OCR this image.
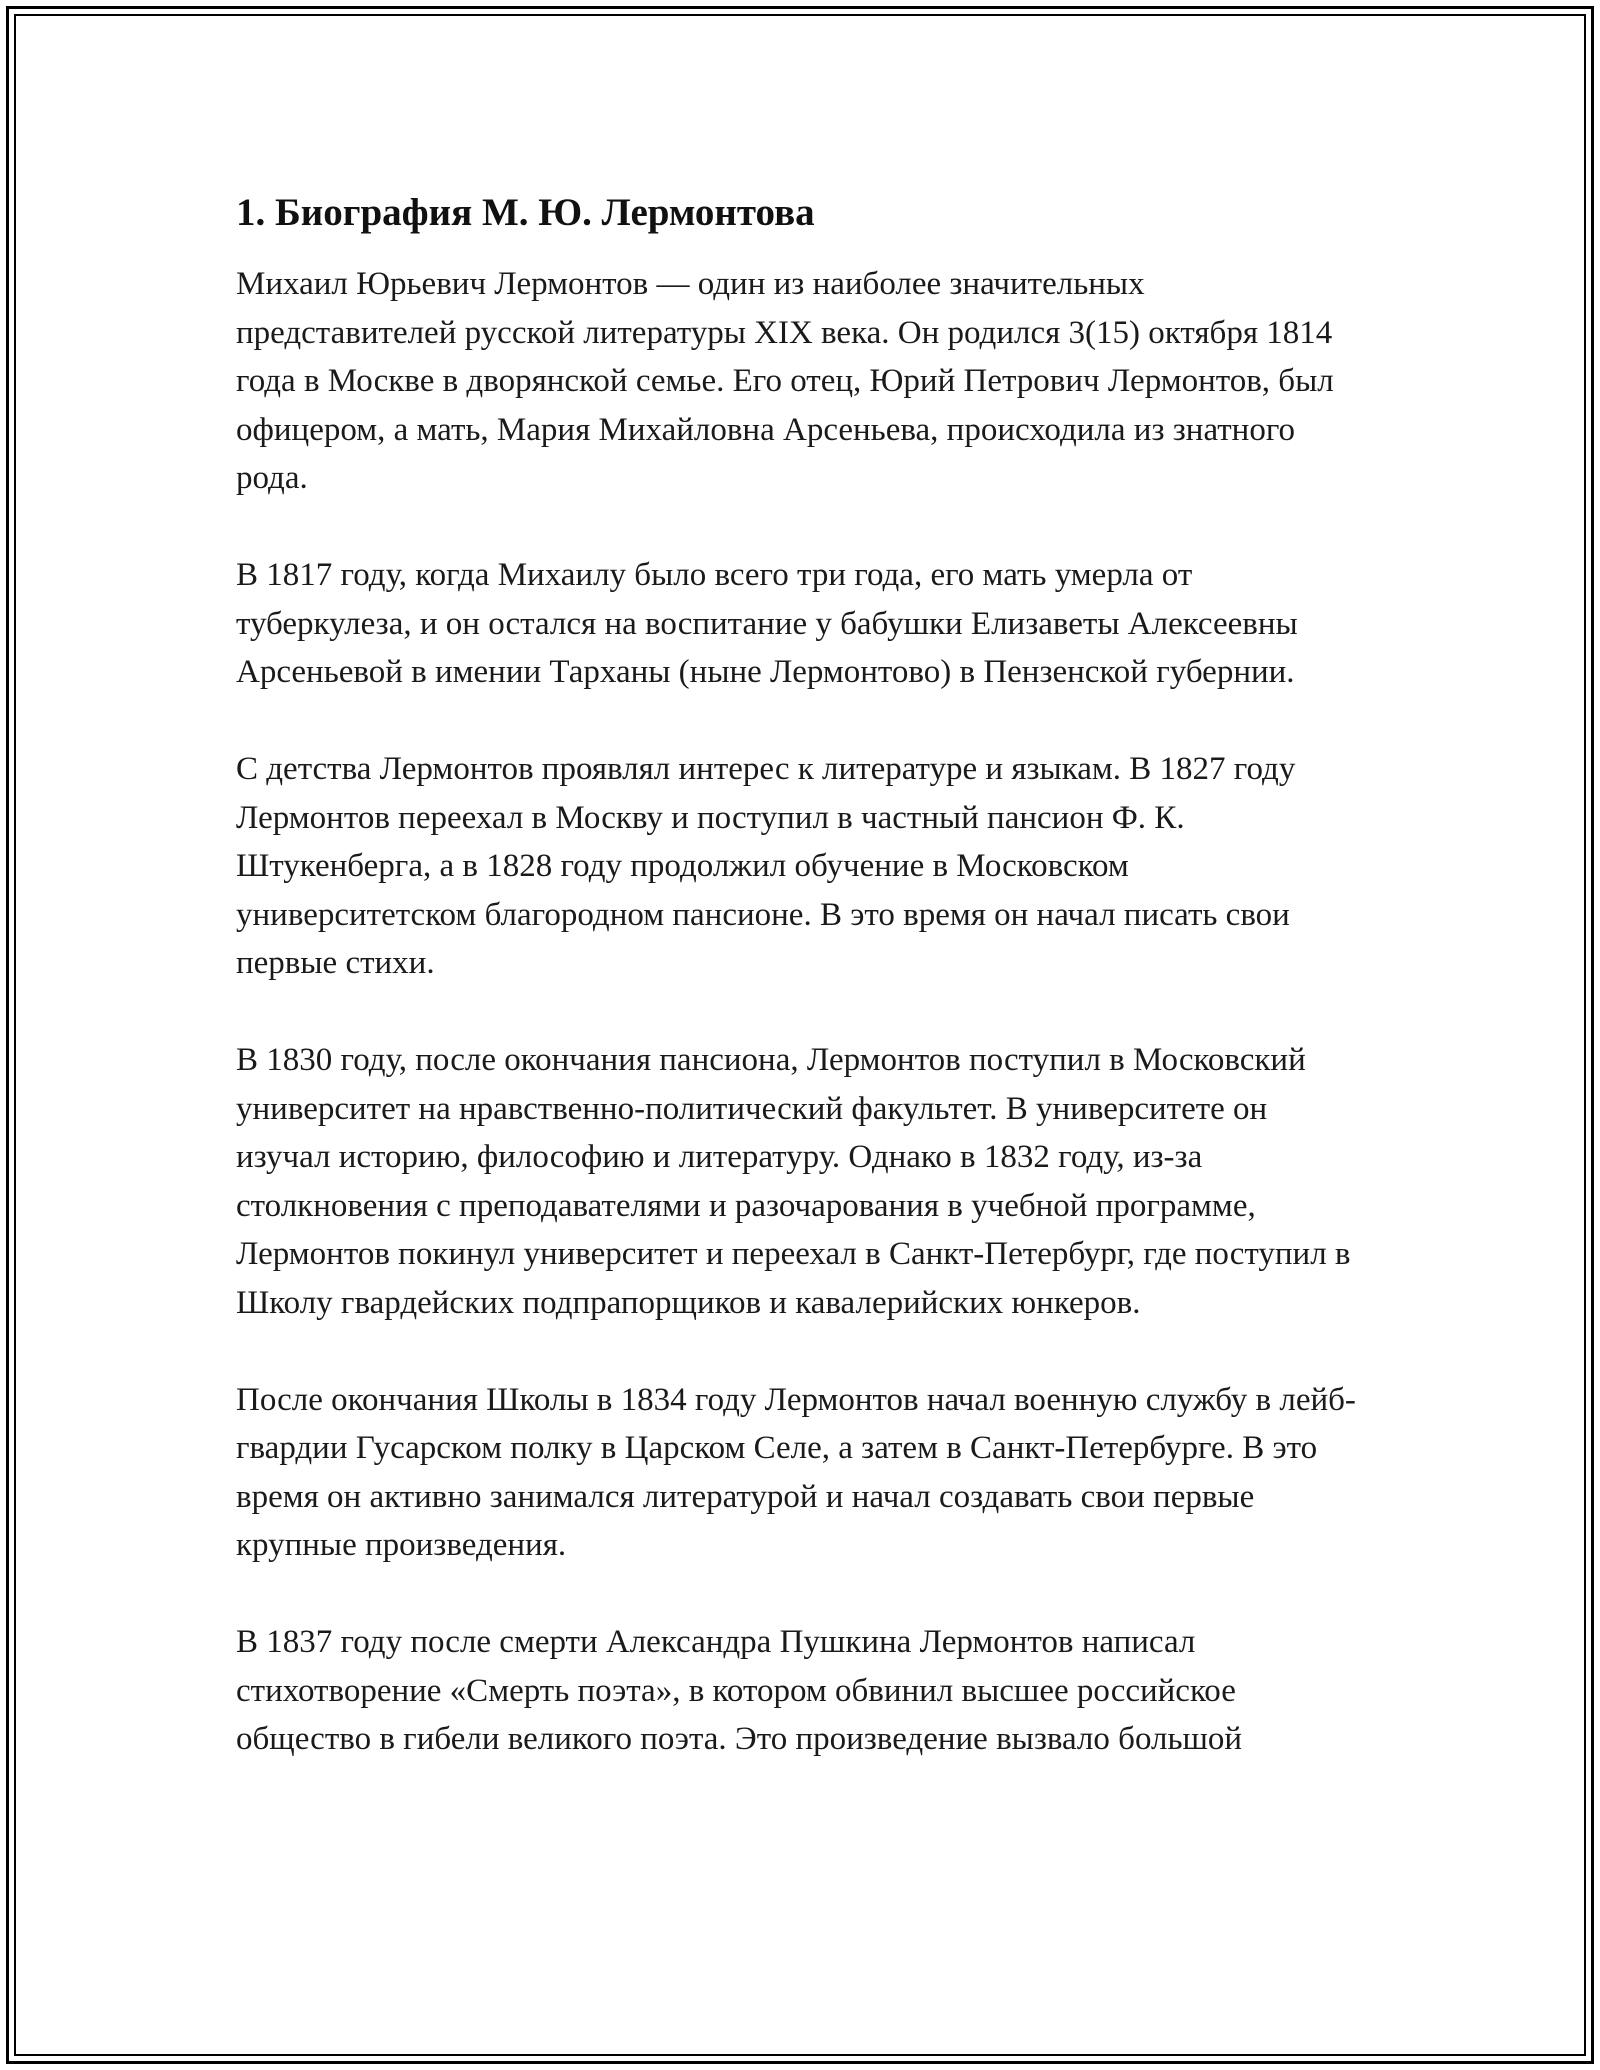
1. Биография М. Ю. Лермонтова

Михаил Юрьевич Лермонтов — один из наиболее значительных представителей русской литературы XIX века. Он родился 3(15) октября 1814 года в Москве в дворянской семье. Его отец, Юрий Петрович Лермонтов, был офицером, а мать, Мария Михайловна Арсеньева, происходила из знатного рода.

В 1817 году, когда Михаилу было всего три года, его мать умерла от туберкулеза, и он остался на воспитание у бабушки Елизаветы Алексеевны Арсеньевой в имении Тарханы (ныне Лермонтово) в Пензенской губернии.

С детства Лермонтов проявлял интерес к литературе и языкам. В 1827 году Лермонтов переехал в Москву и поступил в частный пансион Ф. К. Штукенберга, а в 1828 году продолжил обучение в Московском университетском благородном пансионе. В это время он начал писать свои первые стихи.

В 1830 году, после окончания пансиона, Лермонтов поступил в Московский университет на нравственно-политический факультет. В университете он изучал историю, философию и литературу. Однако в 1832 году, из-за столкновения с преподавателями и разочарования в учебной программе, Лермонтов покинул университет и переехал в Санкт-Петербург, где поступил в Школу гвардейских подпрапорщиков и кавалерийских юнкеров.

После окончания Школы в 1834 году Лермонтов начал военную службу в лейб-гвардии Гусарском полку в Царском Селе, а затем в Санкт-Петербурге. В это время он активно занимался литературой и начал создавать свои первые крупные произведения.

В 1837 году после смерти Александра Пушкина Лермонтов написал стихотворение «Смерть поэта», в котором обвинил высшее российское общество в гибели великого поэта. Это произведение вызвало большой
